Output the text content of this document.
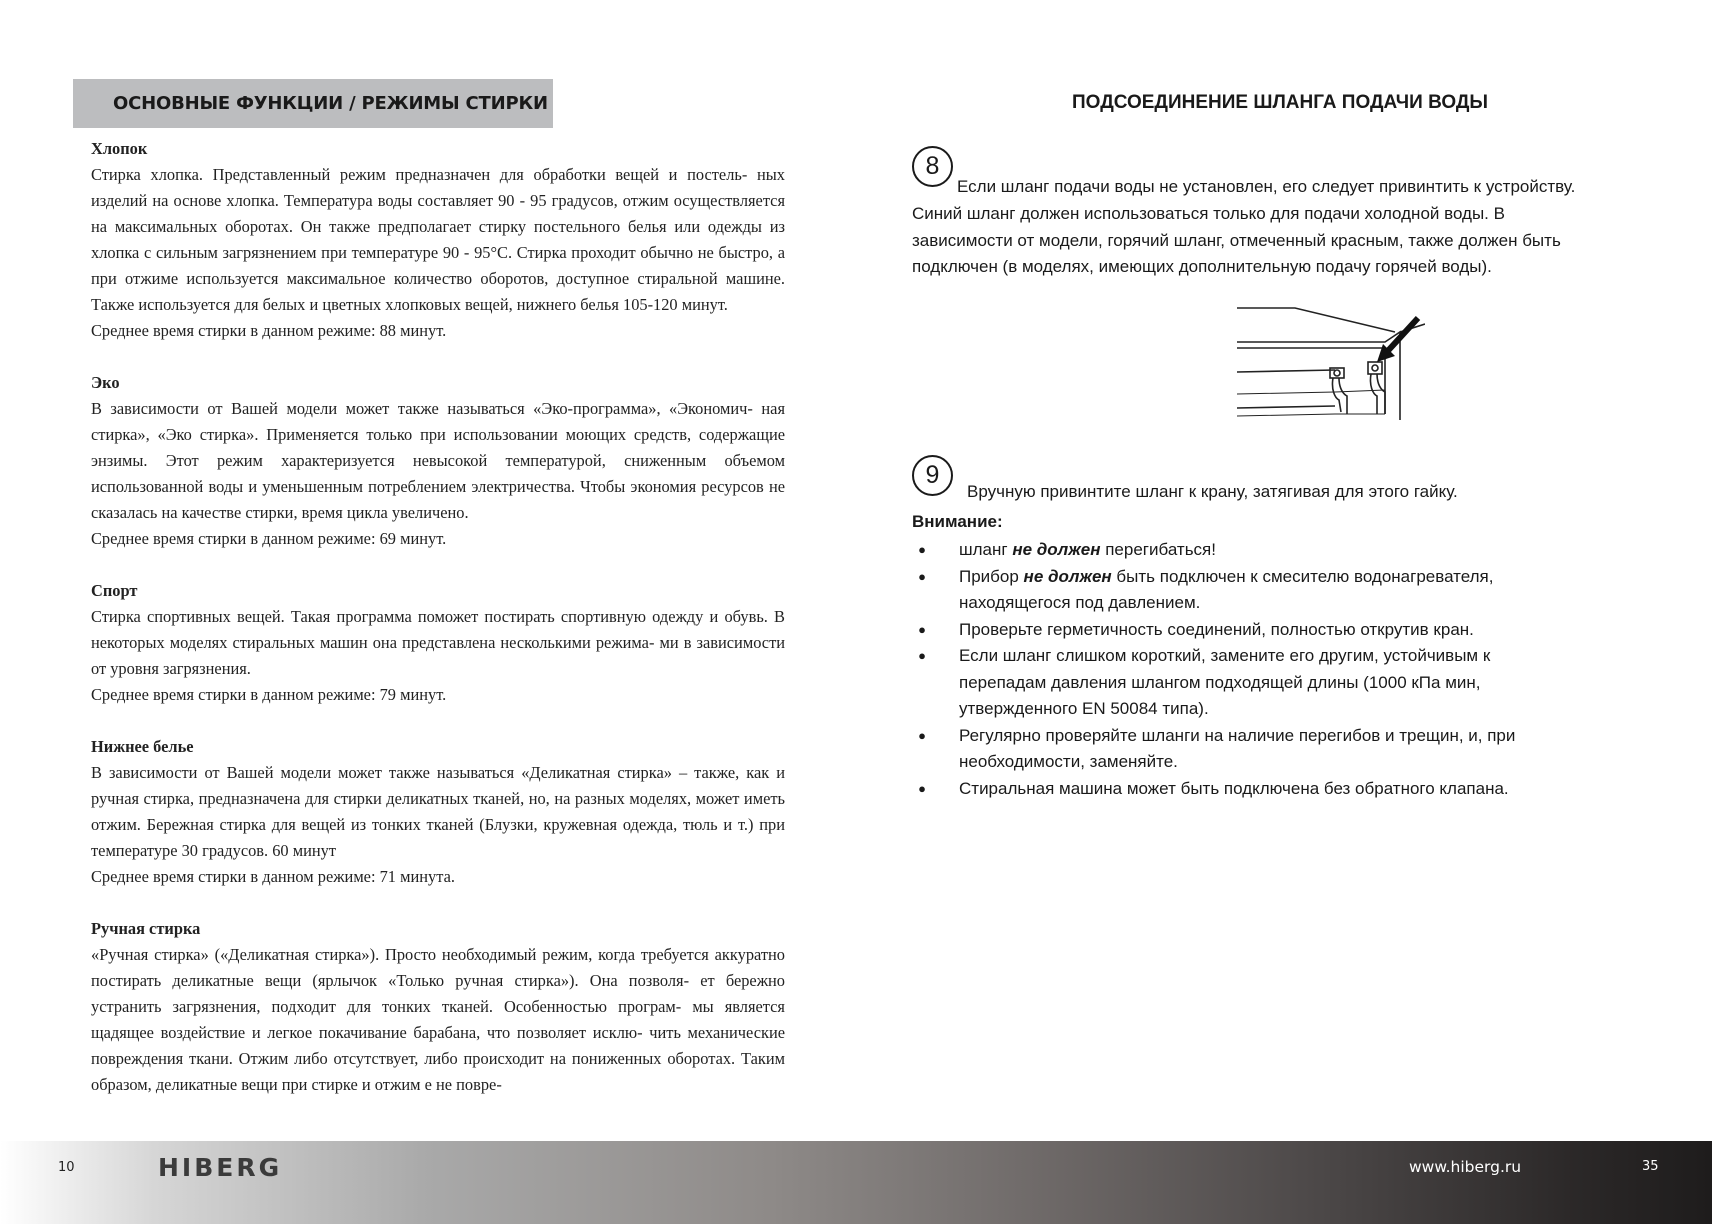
ОСНОВНЫЕ ФУНКЦИИ / РЕЖИМЫ СТИРКИ
Хлопок
Стирка хлопка. Представленный режим предназначен для обработки вещей и постель- ных изделий на основе хлопка. Температура воды составляет 90 - 95 градусов, отжим осуществляется на максимальных оборотах. Он также предполагает стирку постельного белья или одежды из хлопка с сильным загрязнением при температуре 90 - 95°С. Стирка проходит обычно не быстро, а при отжиме используется максимальное количество оборотов, доступное стиральной машине. Также используется для белых и цветных хлопковых вещей, нижнего белья 105-120 минут.
Среднее время стирки в данном режиме: 88 минут.
Эко
В зависимости от Вашей модели может также называться «Эко-программа», «Экономич- ная стирка», «Эко стирка». Применяется только при использовании моющих средств, содержащие энзимы. Этот режим характеризуется невысокой температурой, сниженным объемом использованной воды и уменьшенным потреблением электричества. Чтобы экономия ресурсов не сказалась на качестве стирки, время цикла увеличено.
Среднее время стирки в данном режиме: 69 минут.
Спорт
Стирка спортивных вещей. Такая программа поможет постирать спортивную одежду и обувь. В некоторых моделях стиральных машин она представлена несколькими режима- ми в зависимости от уровня загрязнения.
Среднее время стирки в данном режиме: 79 минут.
Нижнее белье
В зависимости от Вашей модели может также называться «Деликатная стирка» – также, как и ручная стирка, предназначена для стирки деликатных тканей, но, на разных моделях, может иметь отжим. Бережная стирка для вещей из тонких тканей (Блузки, кружевная одежда, тюль и т.) при температуре 30 градусов. 60 минут
Среднее время стирки в данном режиме: 71 минута.
Ручная стирка
«Ручная стирка» («Деликатная стирка»). Просто необходимый режим, когда требуется аккуратно постирать деликатные вещи (ярлычок «Только ручная стирка»). Она позволя- ет бережно устранить загрязнения, подходит для тонких тканей. Особенностью програм- мы является щадящее воздействие и легкое покачивание барабана, что позволяет исклю- чить механические повреждения ткани. Отжим либо отсутствует, либо происходит на пониженных оборотах. Таким образом, деликатные вещи при стирке и отжим е не повре-
ПОДСОЕДИНЕНИЕ ШЛАНГА ПОДАЧИ ВОДЫ
8
Если шланг подачи воды не установлен, его следует привинтить к устройству.
Синий шланг должен использоваться только для подачи холодной воды. В
зависимости от модели, горячий шланг, отмеченный красным, также должен быть
подключен (в моделях, имеющих дополнительную подачу горячей воды).
9
Вручную привинтите шланг к крану, затягивая для этого гайку.
Внимание:
●	шланг не должен перегибаться!
●	Прибор не должен быть подключен к смесителю водонагревателя,
находящегося под давлением.
●	Проверьте герметичность соединений, полностью открутив кран.
●	Если шланг слишком короткий, замените его другим, устойчивым к
перепадам давления шлангом подходящей длины (1000 кПа мин,
утвержденного EN 50084 типа).
●	Регулярно проверяйте шланги на наличие перегибов и трещин, и, при
необходимости, заменяйте.
●	Стиральная машина может быть подключена без обратного клапана.
10	HIBERG	www.hiberg.ru	35
